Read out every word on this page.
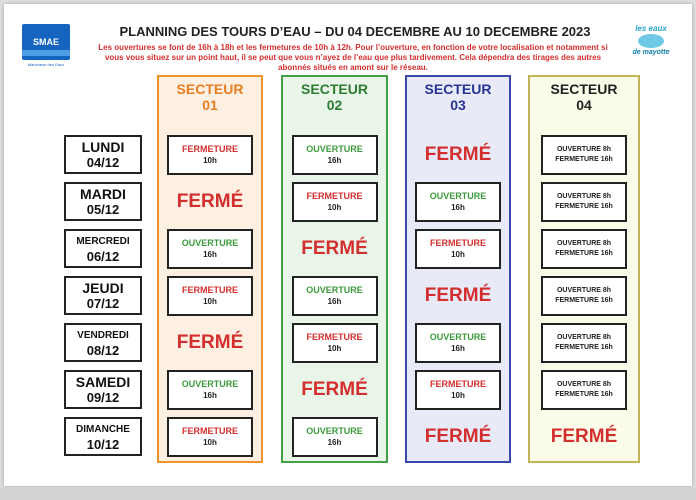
SMAE
Mahoraise des Eaux
les eaux
de mayotte
PLANNING DES TOURS D’EAU – DU 04 DECEMBRE AU 10 DECEMBRE 2023
Les ouvertures se font de 16h à 18h et les fermetures de 10h à 12h. Pour l’ouverture, en fonction de votre localisation et notamment si vous vous situez sur un point haut, il se peut que vous n’ayez de l’eau que plus tardivement. Cela dépendra des tirages des autres abonnés situés en amont sur le réseau.
LUNDI
04/12
MARDI
05/12
MERCREDI
06/12
JEUDI
07/12
VENDREDI
08/12
SAMEDI
09/12
DIMANCHE
10/12
SECTEUR
01
SECTEUR
02
SECTEUR
03
SECTEUR
04
FERMETURE
10h
FERMÉ
OUVERTURE
16h
FERMETURE
10h
FERMÉ
OUVERTURE
16h
FERMETURE
10h
OUVERTURE
16h
FERMETURE
10h
FERMÉ
OUVERTURE
16h
FERMETURE
10h
FERMÉ
OUVERTURE
16h
FERMÉ
OUVERTURE
16h
FERMETURE
10h
FERMÉ
OUVERTURE
16h
FERMETURE
10h
FERMÉ
OUVERTURE 8h
FERMETURE 16h
OUVERTURE 8h
FERMETURE 16h
OUVERTURE 8h
FERMETURE 16h
OUVERTURE 8h
FERMETURE 16h
OUVERTURE 8h
FERMETURE 16h
OUVERTURE 8h
FERMETURE 16h
FERMÉ
